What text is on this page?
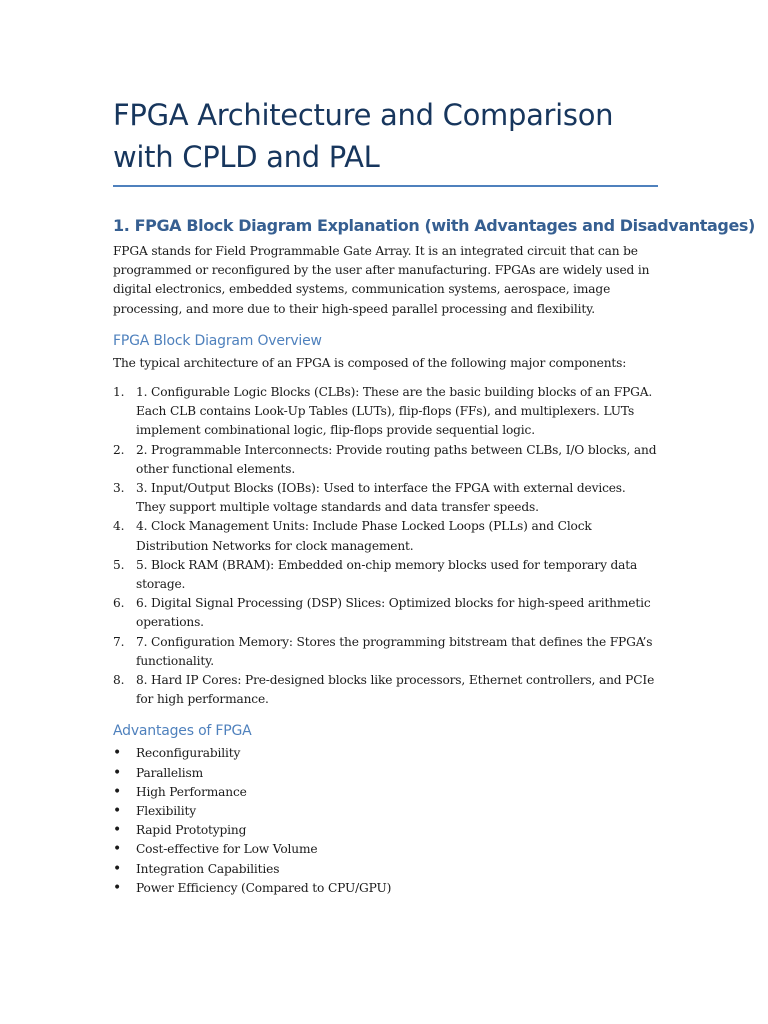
FPGA Architecture and Comparison with CPLD and PAL
1. FPGA Block Diagram Explanation (with Advantages and Disadvantages)

FPGA stands for Field Programmable Gate Array. It is an integrated circuit that can be programmed or reconfigured by the user after manufacturing. FPGAs are widely used in digital electronics, embedded systems, communication systems, aerospace, image processing, and more due to their high-speed parallel processing and flexibility.

FPGA Block Diagram Overview

The typical architecture of an FPGA is composed of the following major components:

1. 1. Configurable Logic Blocks (CLBs): These are the basic building blocks of an FPGA. Each CLB contains Look-Up Tables (LUTs), flip-flops (FFs), and multiplexers. LUTs implement combinational logic, flip-flops provide sequential logic.
2. 2. Programmable Interconnects: Provide routing paths between CLBs, I/O blocks, and other functional elements.
3. 3. Input/Output Blocks (IOBs): Used to interface the FPGA with external devices. They support multiple voltage standards and data transfer speeds.
4. 4. Clock Management Units: Include Phase Locked Loops (PLLs) and Clock Distribution Networks for clock management.
5. 5. Block RAM (BRAM): Embedded on-chip memory blocks used for temporary data storage.
6. 6. Digital Signal Processing (DSP) Slices: Optimized blocks for high-speed arithmetic operations.
7. 7. Configuration Memory: Stores the programming bitstream that defines the FPGA’s functionality.
8. 8. Hard IP Cores: Pre-designed blocks like processors, Ethernet controllers, and PCIe for high performance.
Advantages of FPGA
• Reconfigurability
• Parallelism
• High Performance
• Flexibility
• Rapid Prototyping
• Cost-effective for Low Volume
• Integration Capabilities
• Power Efficiency (Compared to CPU/GPU)
